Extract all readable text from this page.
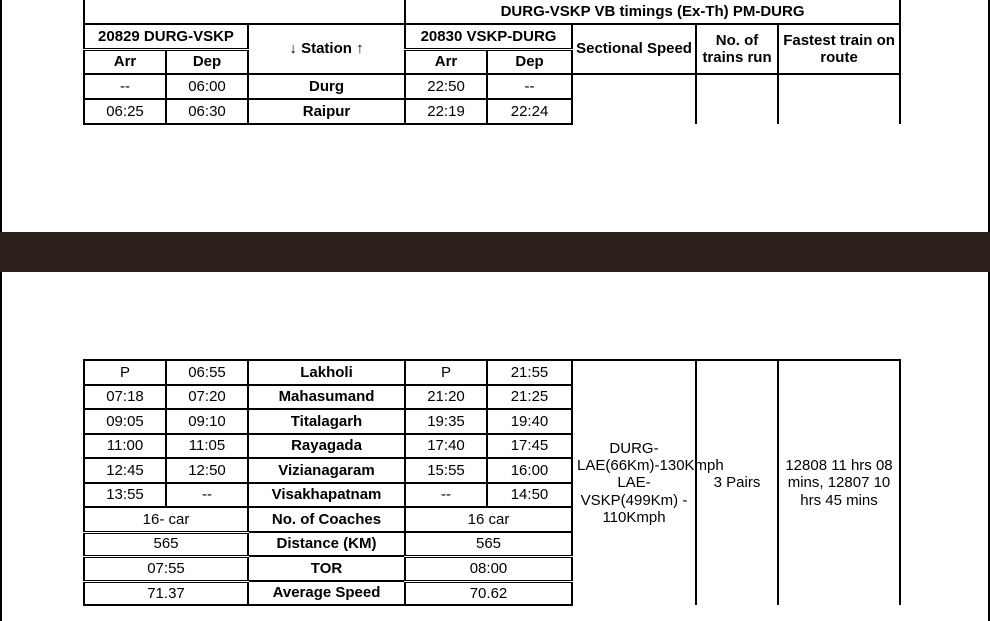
			DURG-VSKP VB timings (Ex-Th) PM-DURG				
20829 DURG-VSKP		↓ Station ↑	20830 VSKP-DURG		Sectional Speed	No. of trains run	Fastest train on route
Arr	Dep		Arr	Dep			
--	06:00	Durg	22:50	--			
06:25	06:30	Raipur	22:19	22:24			
P	06:55	Lakholi	P	21:55	DURG-LAE(66Km)-130Kmph LAE-VSKP(499Km) - 110Kmph	3 Pairs	12808 11 hrs 08 mins, 12807 10 hrs 45 mins
07:18	07:20	Mahasumand	21:20	21:25			
09:05	09:10	Titalagarh	19:35	19:40			
11:00	11:05	Rayagada	17:40	17:45			
12:45	12:50	Vizianagaram	15:55	16:00			
13:55	--	Visakhapatnam	--	14:50			
16- car		No. of Coaches	16 car				
565		Distance (KM)	565				
07:55		TOR	08:00				
71.37		Average Speed	70.62				
